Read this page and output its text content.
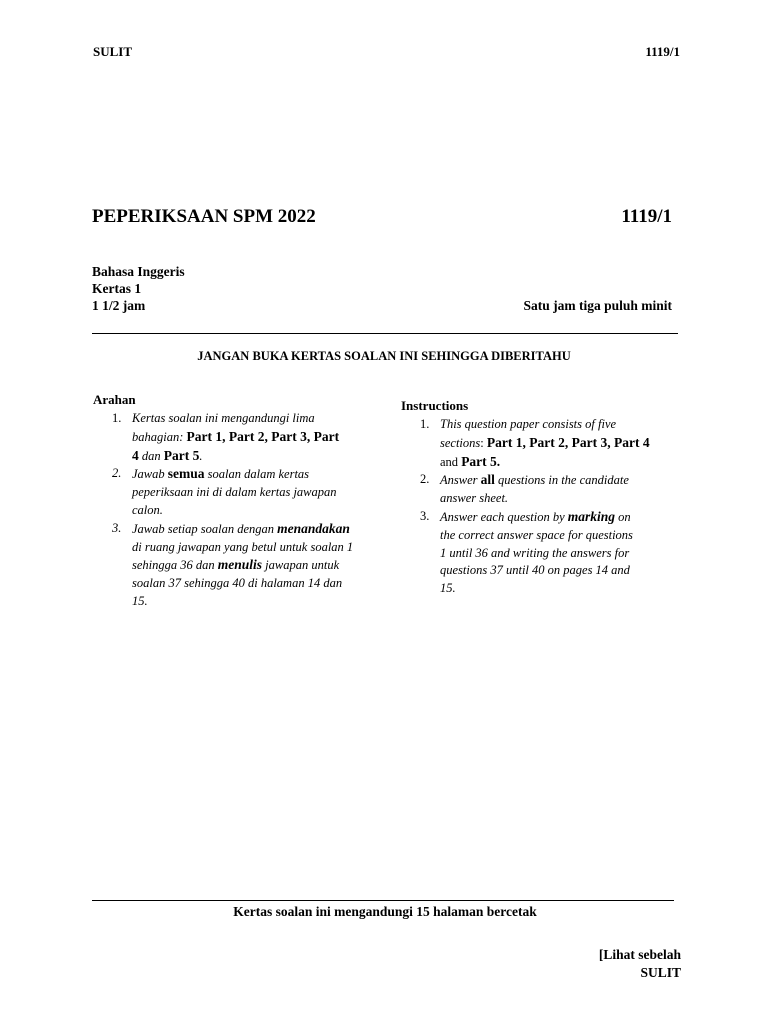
SULIT	1119/1
PEPERIKSAAN SPM 2022	1119/1
Bahasa Inggeris
Kertas 1
1 1/2 jam	Satu jam tiga puluh minit
JANGAN BUKA KERTAS SOALAN INI SEHINGGA DIBERITAHU
Arahan
1. Kertas soalan ini mengandungi lima
bahagian: Part 1, Part 2, Part 3, Part
4 dan Part 5.
2. Jawab semua soalan dalam kertas
peperiksaan ini di dalam kertas jawapan
calon.
3. Jawab setiap soalan dengan menandakan
di ruang jawapan yang betul untuk soalan 1
sehingga 36 dan menulis jawapan untuk
soalan 37 sehingga 40 di halaman 14 dan
15.
Instructions
1. This question paper consists of five
sections: Part 1, Part 2, Part 3, Part 4
and Part 5.
2. Answer all questions in the candidate
answer sheet.
3. Answer each question by marking on
the correct answer space for questions
1 until 36 and writing the answers for
questions 37 until 40 on pages 14 and
15.
Kertas soalan ini mengandungi 15 halaman bercetak
[Lihat sebelah
SULIT
